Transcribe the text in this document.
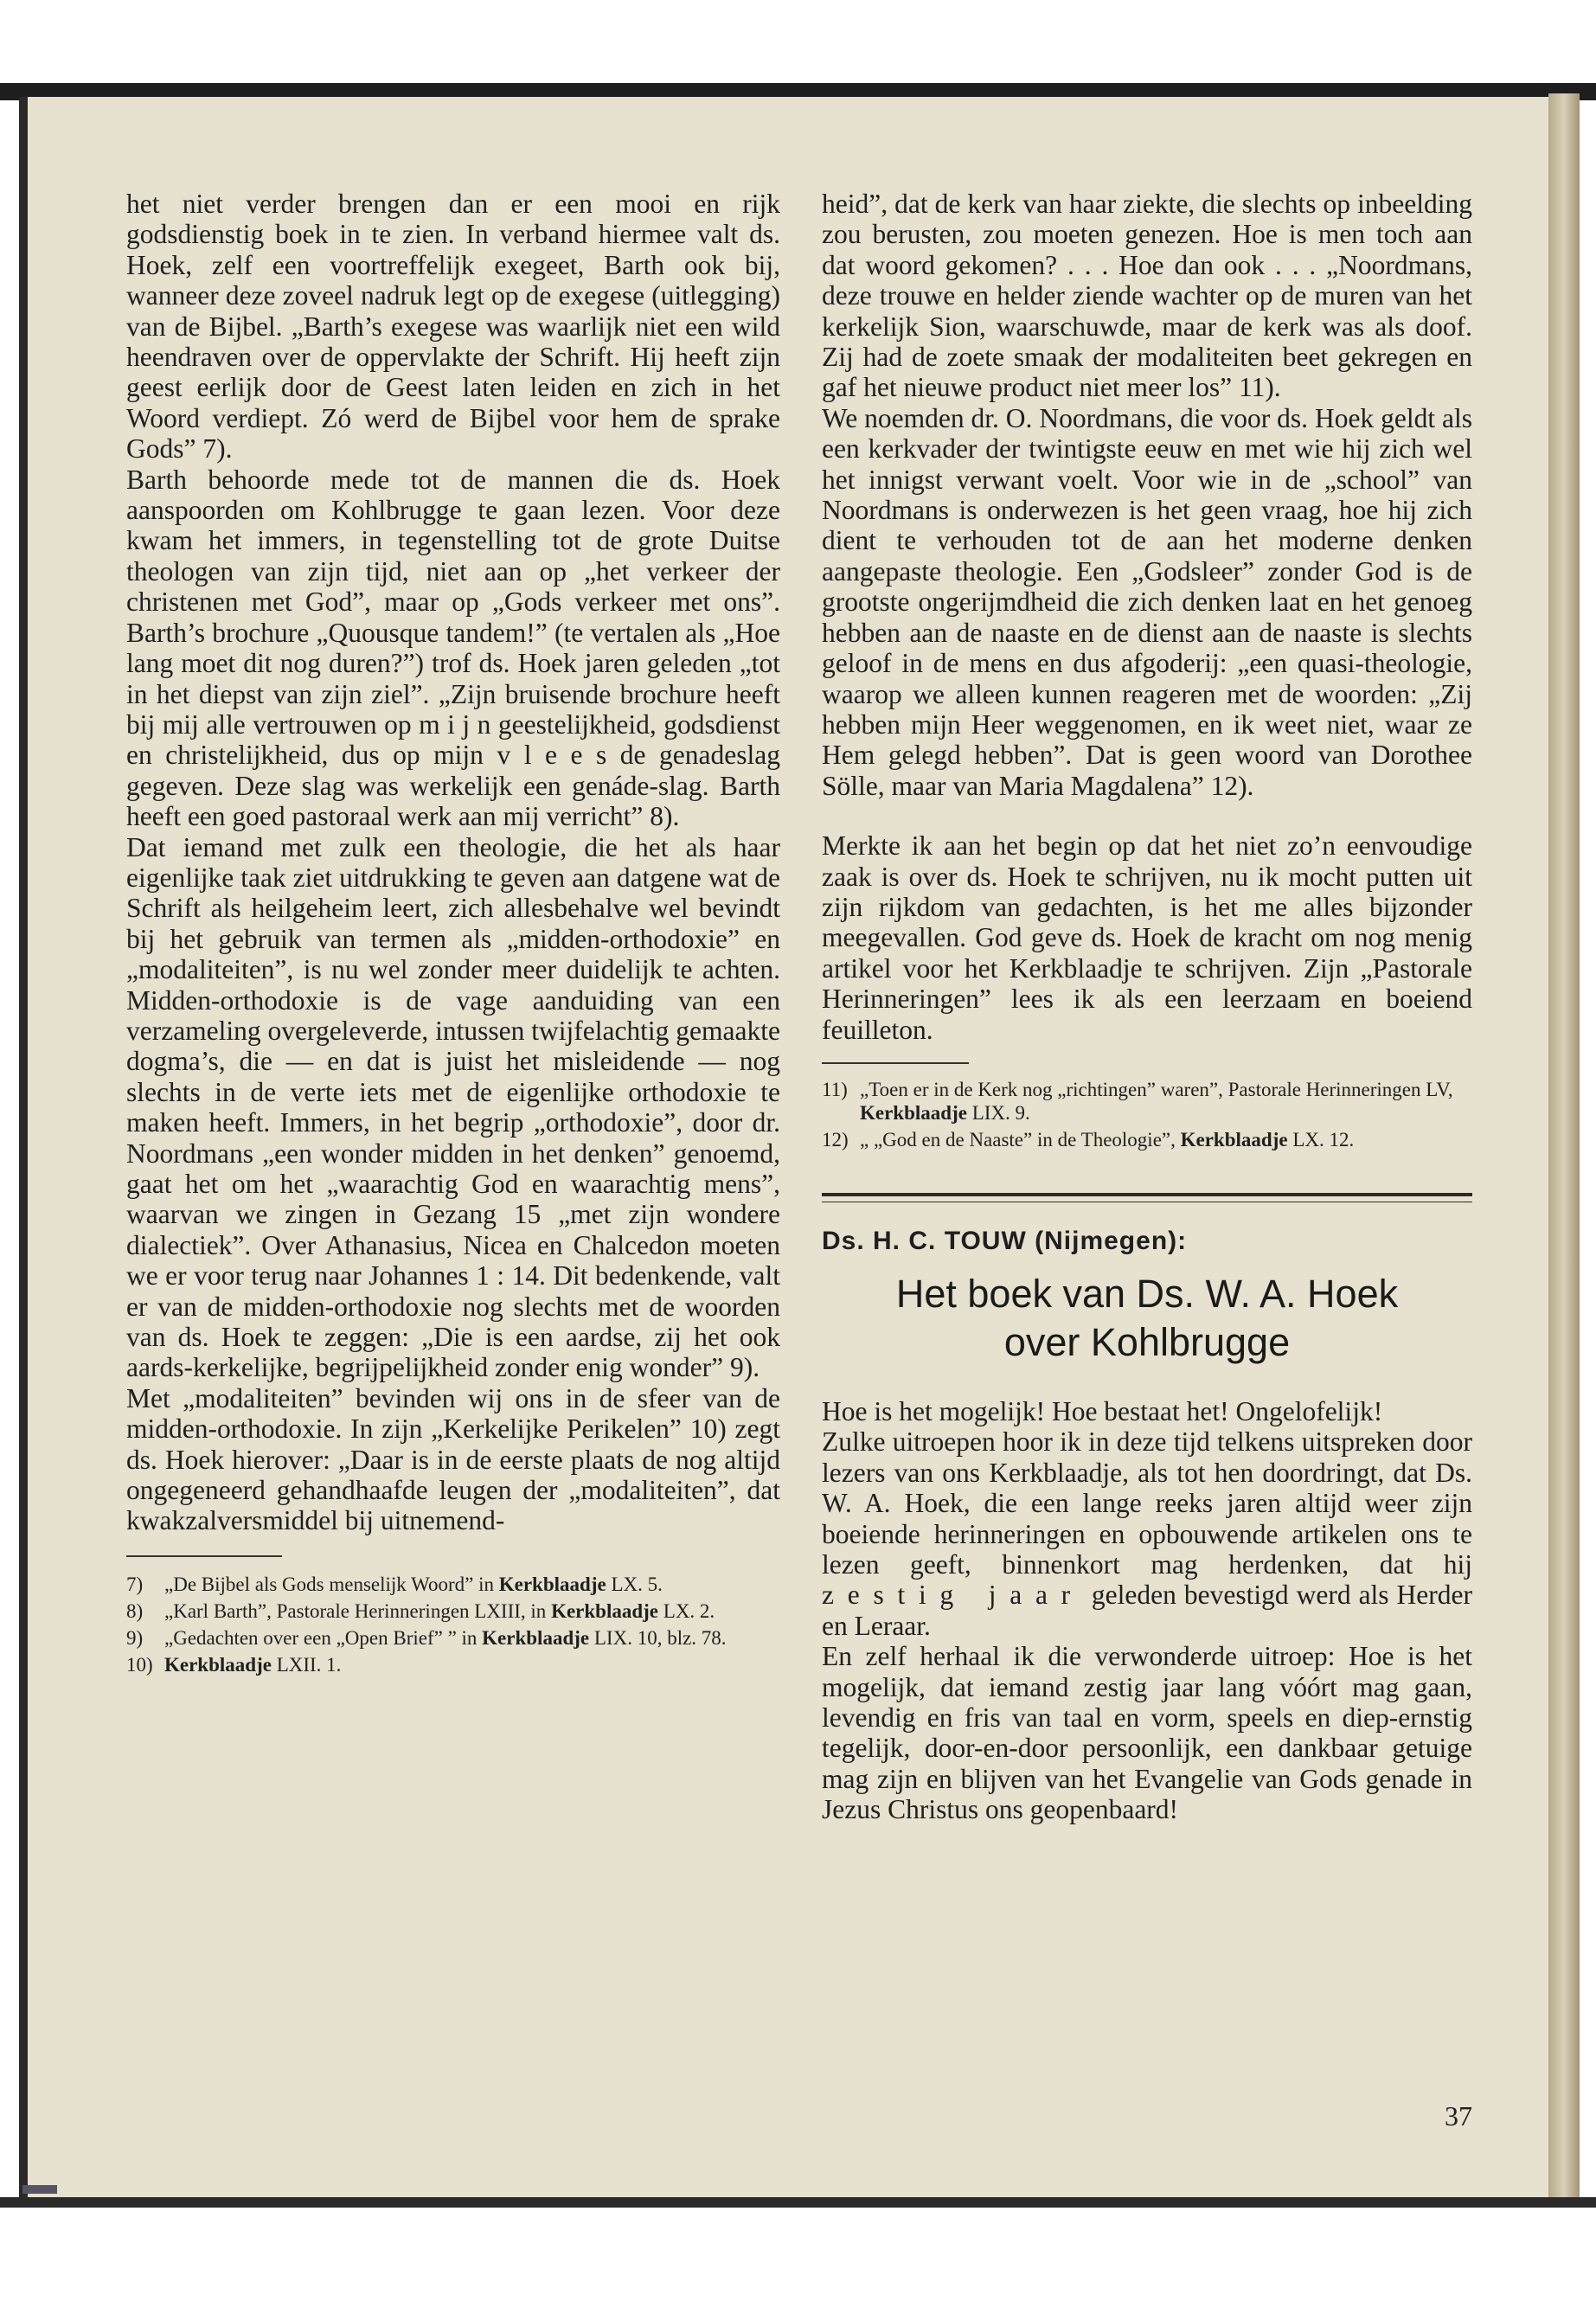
het niet verder brengen dan er een mooi en rijk godsdienstig boek in te zien. In verband hiermee valt ds. Hoek, zelf een voortreffelijk exegeet, Barth ook bij, wanneer deze zoveel nadruk legt op de exegese (uitlegging) van de Bijbel. „Barth’s exegese was waarlijk niet een wild heendraven over de oppervlakte der Schrift. Hij heeft zijn geest eerlijk door de Geest laten leiden en zich in het Woord verdiept. Zó werd de Bijbel voor hem de sprake Gods” 7).

Barth behoorde mede tot de mannen die ds. Hoek aanspoorden om Kohlbrugge te gaan lezen. Voor deze kwam het immers, in tegenstelling tot de grote Duitse theologen van zijn tijd, niet aan op „het verkeer der christenen met God”, maar op „Gods verkeer met ons”. Barth’s brochure „Quousque tandem!” (te vertalen als „Hoe lang moet dit nog duren?”) trof ds. Hoek jaren geleden „tot in het diepst van zijn ziel”. „Zijn bruisende brochure heeft bij mij alle vertrouwen op m i j n geestelijkheid, godsdienst en christelijkheid, dus op mijn v l e e s de genadeslag gegeven. Deze slag was werkelijk een genáde-slag. Barth heeft een goed pastoraal werk aan mij verricht” 8).

Dat iemand met zulk een theologie, die het als haar eigenlijke taak ziet uitdrukking te geven aan datgene wat de Schrift als heilgeheim leert, zich allesbehalve wel bevindt bij het gebruik van termen als „midden-orthodoxie” en „modaliteiten”, is nu wel zonder meer duidelijk te achten. Midden-orthodoxie is de vage aanduiding van een verzameling overgeleverde, intussen twijfelachtig gemaakte dogma’s, die — en dat is juist het misleidende — nog slechts in de verte iets met de eigenlijke orthodoxie te maken heeft. Immers, in het begrip „orthodoxie”, door dr. Noordmans „een wonder midden in het denken” genoemd, gaat het om het „waarachtig God en waarachtig mens”, waarvan we zingen in Gezang 15 „met zijn wondere dialectiek”. Over Athanasius, Nicea en Chalcedon moeten we er voor terug naar Johannes 1 : 14. Dit bedenkende, valt er van de midden-orthodoxie nog slechts met de woorden van ds. Hoek te zeggen: „Die is een aardse, zij het ook aards-kerkelijke, begrijpelijkheid zonder enig wonder” 9).

Met „modaliteiten” bevinden wij ons in de sfeer van de midden-orthodoxie. In zijn „Kerkelijke Perikelen” 10) zegt ds. Hoek hierover: „Daar is in de eerste plaats de nog altijd ongegeneerd gehandhaafde leugen der „modaliteiten”, dat kwakzalversmiddel bij uitnemend-

7)	„De Bijbel als Gods menselijk Woord” in Kerkblaadje LX. 5.
8)	„Karl Barth”, Pastorale Herinneringen LXIII, in Kerkblaadje LX. 2.
9)	„Gedachten over een „Open Brief” ” in Kerkblaadje LIX. 10, blz. 78.
10) Kerkblaadje LXII. 1.

heid”, dat de kerk van haar ziekte, die slechts op inbeelding zou berusten, zou moeten genezen. Hoe is men toch aan dat woord gekomen? . . . Hoe dan ook . . . „Noordmans, deze trouwe en helder ziende wachter op de muren van het kerkelijk Sion, waarschuwde, maar de kerk was als doof. Zij had de zoete smaak der modaliteiten beet gekregen en gaf het nieuwe product niet meer los” 11).

We noemden dr. O. Noordmans, die voor ds. Hoek geldt als een kerkvader der twintigste eeuw en met wie hij zich wel het innigst verwant voelt. Voor wie in de „school” van Noordmans is onderwezen is het geen vraag, hoe hij zich dient te verhouden tot de aan het moderne denken aangepaste theologie. Een „Godsleer” zonder God is de grootste ongerijmdheid die zich denken laat en het genoeg hebben aan de naaste en de dienst aan de naaste is slechts geloof in de mens en dus afgoderij: „een quasi-theologie, waarop we alleen kunnen reageren met de woorden: „Zij hebben mijn Heer weggenomen, en ik weet niet, waar ze Hem gelegd hebben”. Dat is geen woord van Dorothee Sölle, maar van Maria Magdalena” 12).

Merkte ik aan het begin op dat het niet zo’n eenvoudige zaak is over ds. Hoek te schrijven, nu ik mocht putten uit zijn rijkdom van gedachten, is het me alles bijzonder meegevallen. God geve ds. Hoek de kracht om nog menig artikel voor het Kerkblaadje te schrijven. Zijn „Pastorale Herinneringen” lees ik als een leerzaam en boeiend feuilleton.

11) „Toen er in de Kerk nog „richtingen” waren”, Pastorale Herinneringen LV, Kerkblaadje LIX. 9.
12) „ „God en de Naaste” in de Theologie”, Kerkblaadje LX. 12.
Ds. H. C. TOUW (Nijmegen):
Het boek van Ds. W. A. Hoek
over Kohlbrugge

Hoe is het mogelijk! Hoe bestaat het! Ongelofelijk!

Zulke uitroepen hoor ik in deze tijd telkens uitspreken door lezers van ons Kerkblaadje, als tot hen doordringt, dat Ds. W. A. Hoek, die een lange reeks jaren altijd weer zijn boeiende herinneringen en opbouwende artikelen ons te lezen geeft, binnenkort mag herdenken, dat hij zestig jaar geleden bevestigd werd als Herder en Leraar.

En zelf herhaal ik die verwonderde uitroep: Hoe is het mogelijk, dat iemand zestig jaar lang vóórt mag gaan, levendig en fris van taal en vorm, speels en diep-ernstig tegelijk, door-en-door persoonlijk, een dankbaar getuige mag zijn en blijven van het Evangelie van Gods genade in Jezus Christus ons geopenbaard!

37
